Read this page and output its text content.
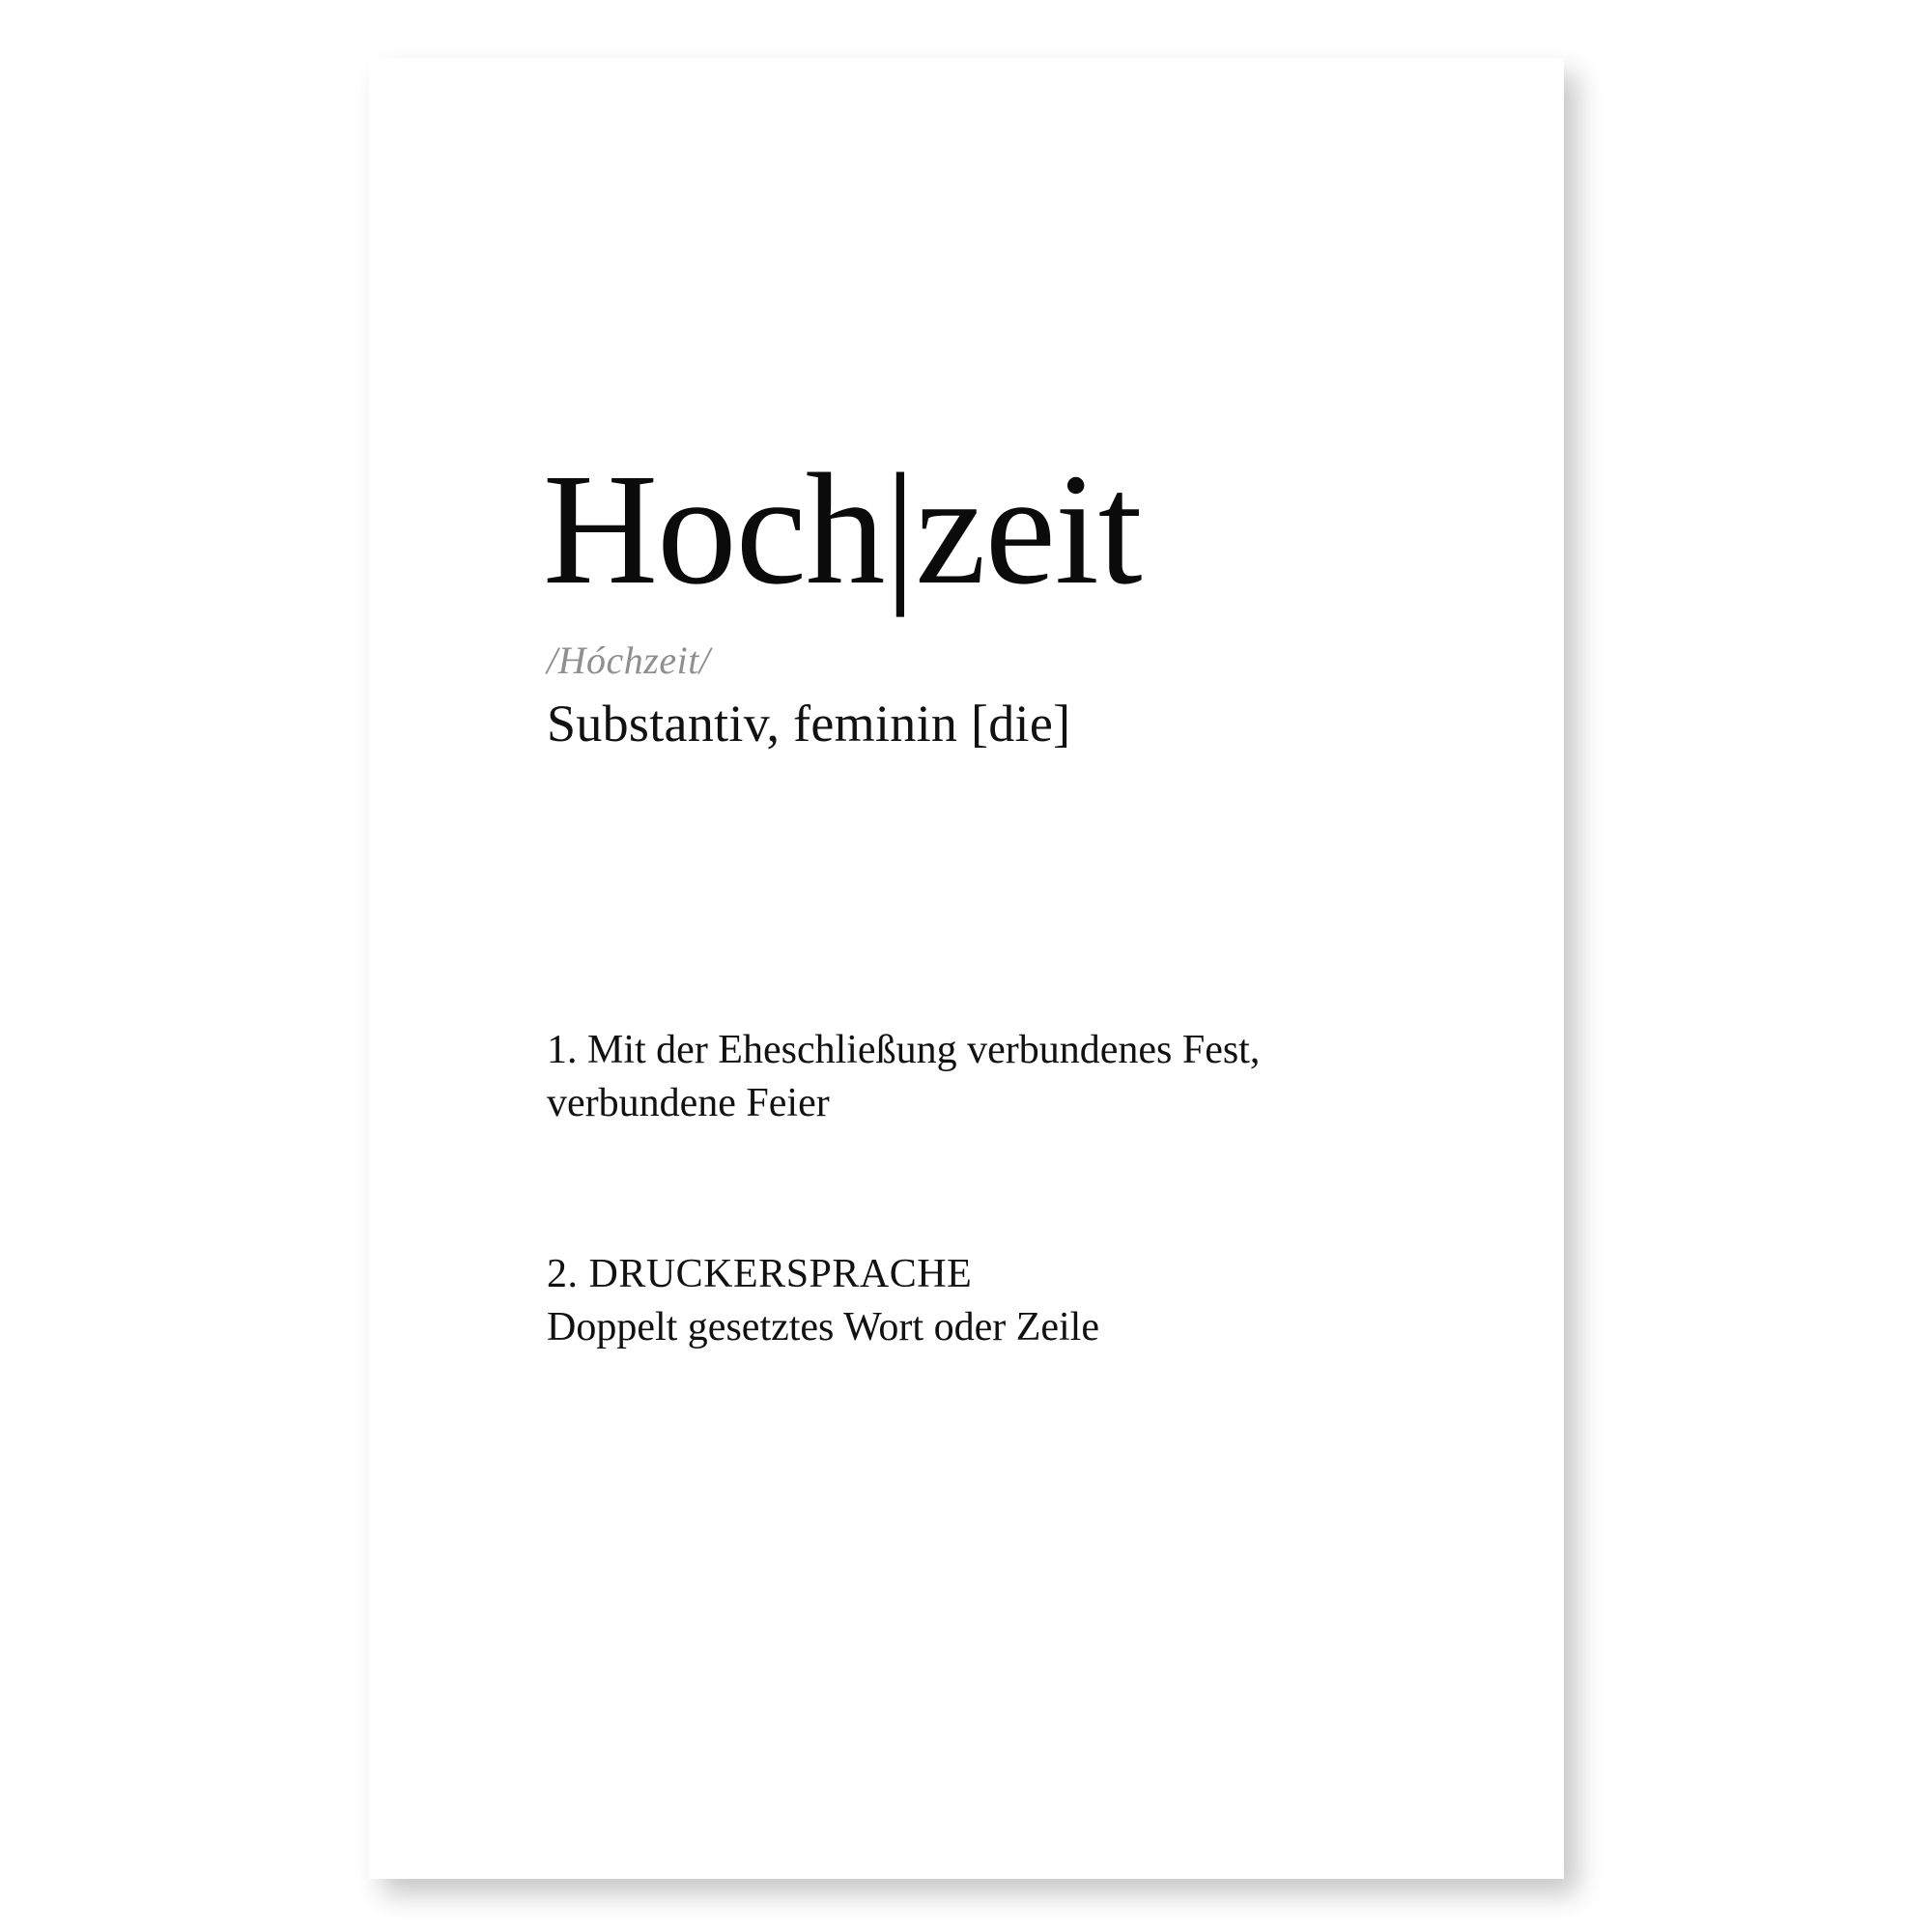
Hoch|zeit
/Hóchzeit/
Substantiv, feminin [die]
1. Mit der Eheschließung verbundenes Fest, verbundene Feier
2. DRUCKERSPRACHE
Doppelt gesetztes Wort oder Zeile
